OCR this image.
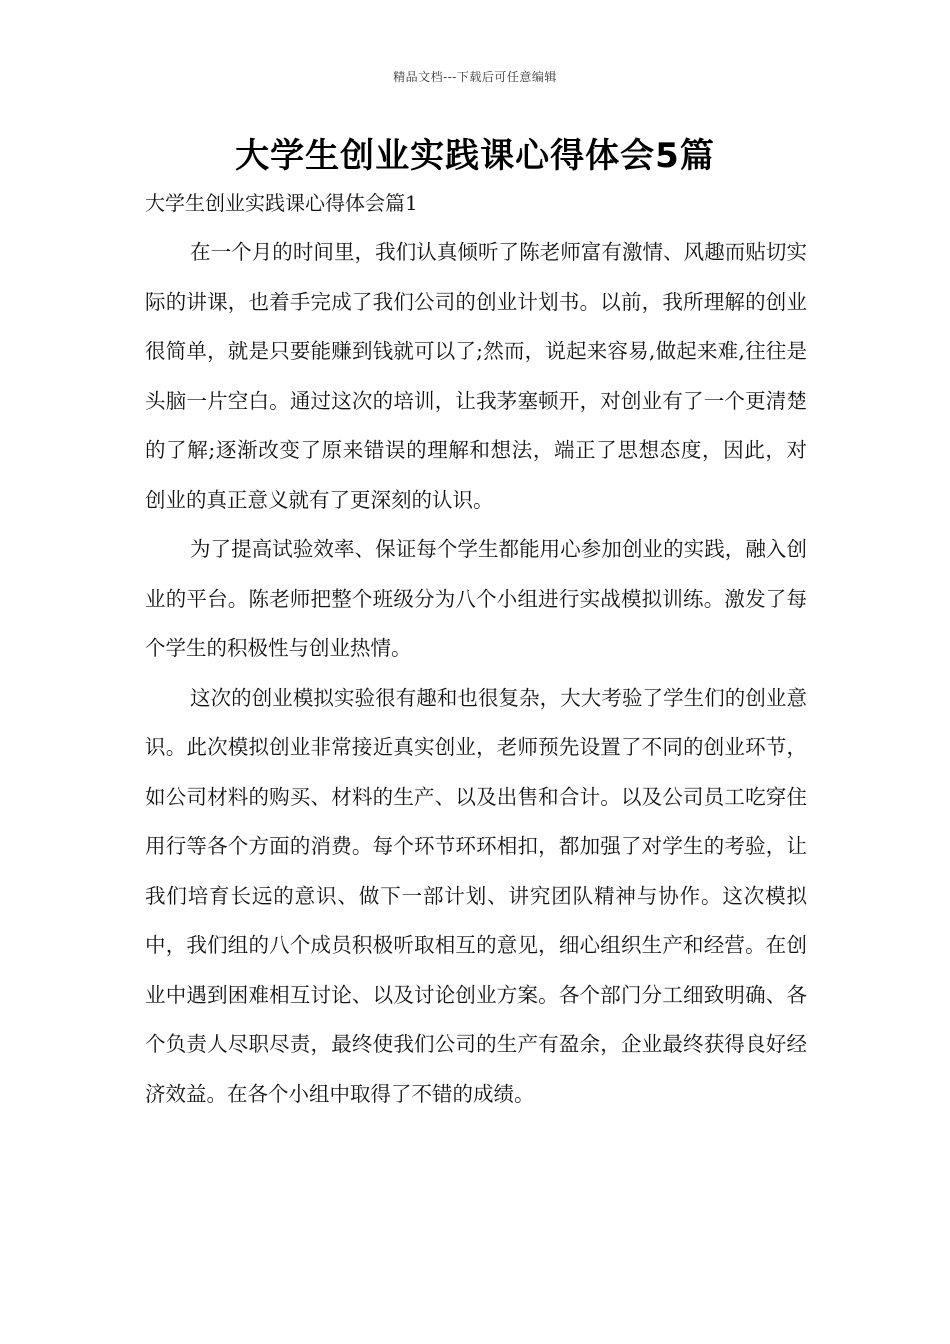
精品文档---下载后可任意编辑
大学生创业实践课心得体会5篇
大学生创业实践课心得体会篇1

在一个月的时间里，我们认真倾听了陈老师富有激情、风趣而贴切实际的讲课，也着手完成了我们公司的创业计划书。以前，我所理解的创业很简单，就是只要能赚到钱就可以了;然而，说起来容易,做起来难,往往是头脑一片空白。通过这次的培训，让我茅塞顿开，对创业有了一个更清楚的了解;逐渐改变了原来错误的理解和想法，端正了思想态度，因此，对创业的真正意义就有了更深刻的认识。

为了提高试验效率、保证每个学生都能用心参加创业的实践，融入创业的平台。陈老师把整个班级分为八个小组进行实战模拟训练。激发了每个学生的积极性与创业热情。

这次的创业模拟实验很有趣和也很复杂，大大考验了学生们的创业意识。此次模拟创业非常接近真实创业，老师预先设置了不同的创业环节，如公司材料的购买、材料的生产、以及出售和合计。以及公司员工吃穿住用行等各个方面的消费。每个环节环环相扣，都加强了对学生的考验，让我们培育长远的意识、做下一部计划、讲究团队精神与协作。这次模拟中，我们组的八个成员积极听取相互的意见，细心组织生产和经营。在创业中遇到困难相互讨论、以及讨论创业方案。各个部门分工细致明确、各个负责人尽职尽责，最终使我们公司的生产有盈余，企业最终获得良好经济效益。在各个小组中取得了不错的成绩。
